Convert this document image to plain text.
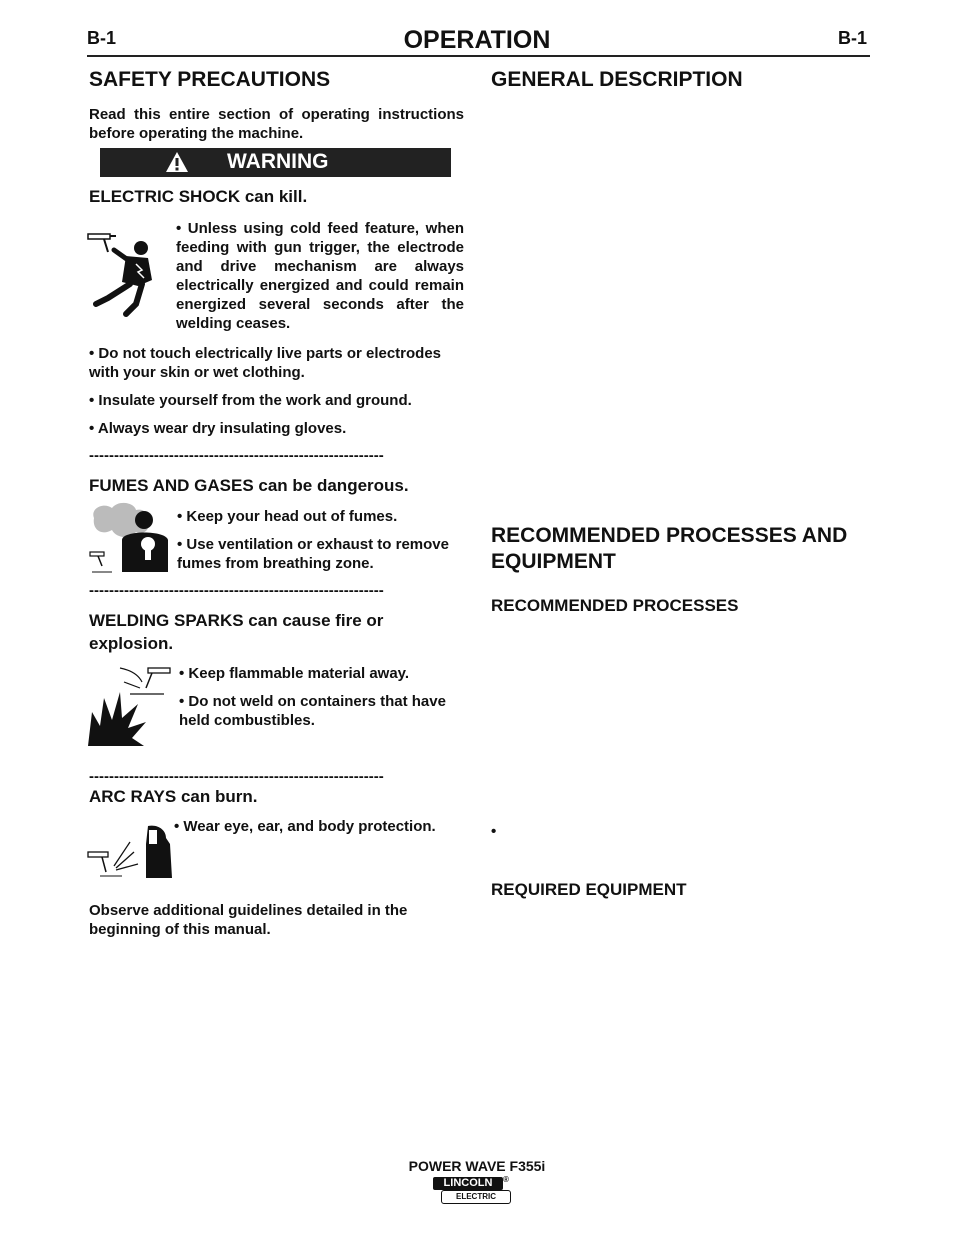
B-1	OPERATION	B-1
SAFETY PRECAUTIONS
Read this entire section of operating instructions before operating the machine.
WARNING
ELECTRIC SHOCK can kill.
• Unless using cold feed feature, when feeding with gun trigger, the electrode and drive mechanism are always electrically energized and could remain energized several seconds after the welding ceases.
• Do not touch electrically live parts or electrodes with your skin or wet clothing.
• Insulate yourself from the work and ground.
• Always wear dry insulating gloves.
-----------------------------------------------------------
FUMES AND GASES can be dangerous.
• Keep your head out of fumes.
• Use ventilation or exhaust to remove fumes from breathing zone.
-----------------------------------------------------------
WELDING SPARKS can cause fire or explosion.
• Keep flammable material away.
• Do not weld on containers that have held combustibles.
-----------------------------------------------------------
ARC RAYS can burn.
• Wear eye, ear, and body protection.
Observe additional guidelines detailed in the beginning of this manual.
GENERAL DESCRIPTION
RECOMMENDED PROCESSES AND EQUIPMENT
RECOMMENDED PROCESSES
•
REQUIRED EQUIPMENT
POWER WAVE F355i
LINCOLN	®
ELECTRIC
